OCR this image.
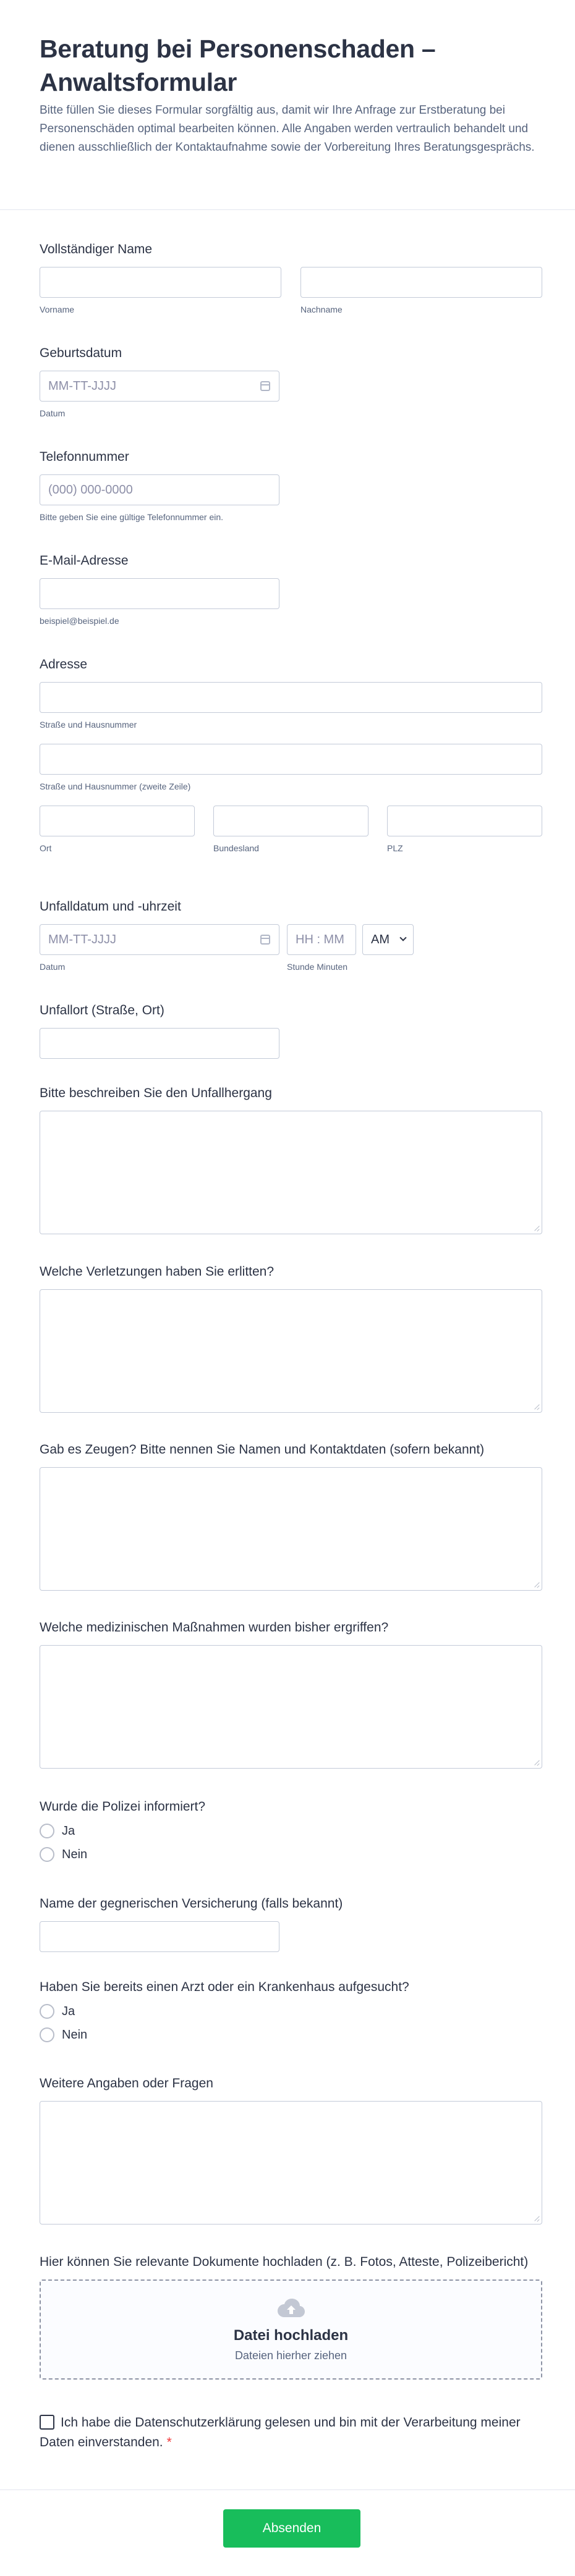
Beratung bei Personenschaden – Anwaltsformular
Bitte füllen Sie dieses Formular sorgfältig aus, damit wir Ihre Anfrage zur Erstberatung bei Personenschäden optimal bearbeiten können. Alle Angaben werden vertraulich behandelt und dienen ausschließlich der Kontaktaufnahme sowie der Vorbereitung Ihres Beratungsgesprächs.
Vollständiger Name
Vorname	Nachname
Geburtsdatum
MM-TT-JJJJ
Datum
Telefonnummer
(000) 000-0000
Bitte geben Sie eine gültige Telefonnummer ein.
E-Mail-Adresse
beispiel@beispiel.de
Adresse
Straße und Hausnummer
Straße und Hausnummer (zweite Zeile)
Ort	Bundesland	PLZ
Unfalldatum und -uhrzeit
MM-TT-JJJJ	HH : MM	AM
Datum	Stunde Minuten
Unfallort (Straße, Ort)
Bitte beschreiben Sie den Unfallhergang
Welche Verletzungen haben Sie erlitten?
Gab es Zeugen? Bitte nennen Sie Namen und Kontaktdaten (sofern bekannt)
Welche medizinischen Maßnahmen wurden bisher ergriffen?
Wurde die Polizei informiert?
Ja
Nein
Name der gegnerischen Versicherung (falls bekannt)
Haben Sie bereits einen Arzt oder ein Krankenhaus aufgesucht?
Ja
Nein
Weitere Angaben oder Fragen
Hier können Sie relevante Dokumente hochladen (z. B. Fotos, Atteste, Polizeibericht)
Datei hochladen
Dateien hierher ziehen
Ich habe die Datenschutzerklärung gelesen und bin mit der Verarbeitung meiner Daten einverstanden. *
Absenden
